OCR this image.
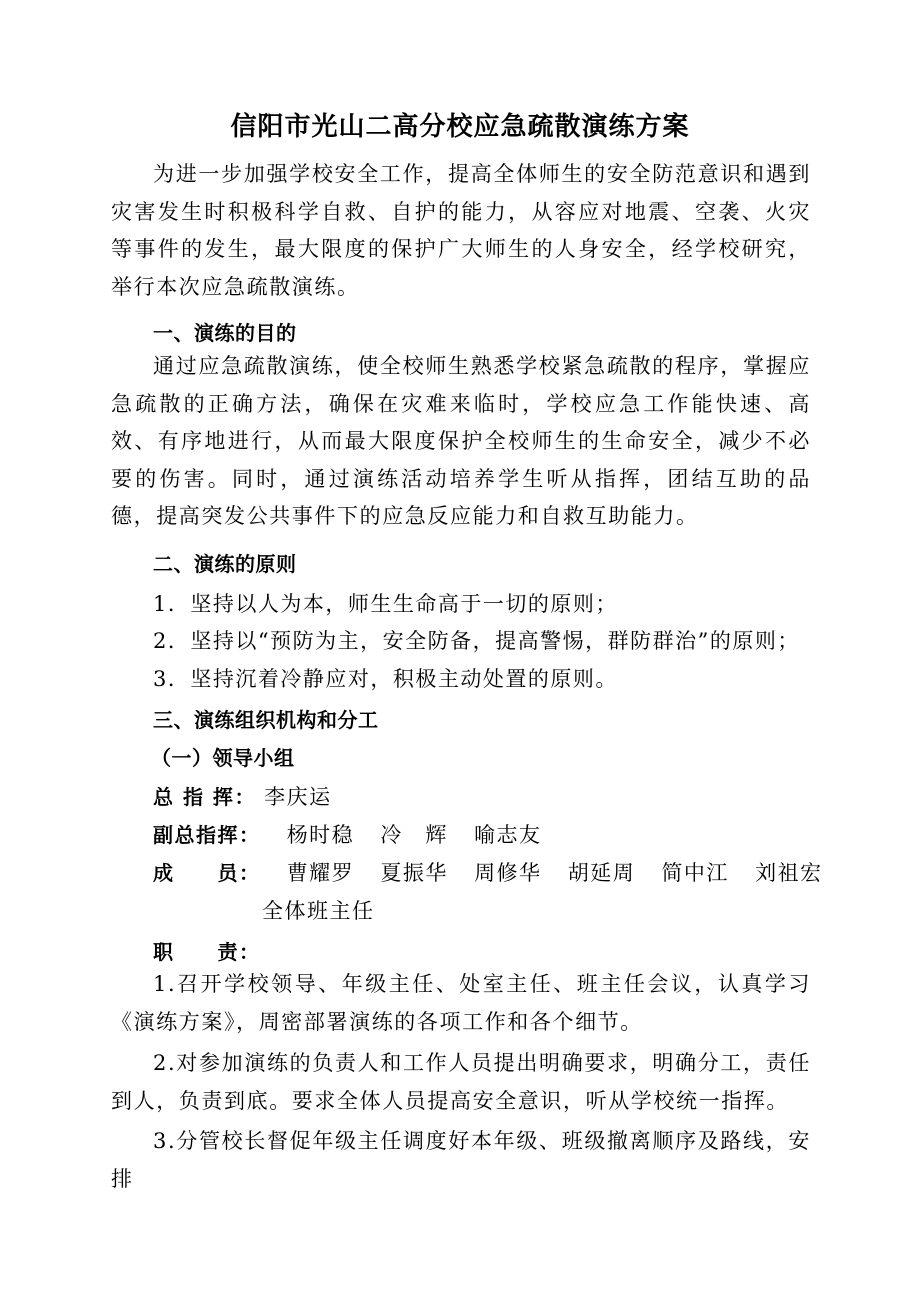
信阳市光山二高分校应急疏散演练方案

为进一步加强学校安全工作，提高全体师生的安全防范意识和遇到灾害发生时积极科学自救、自护的能力，从容应对地震、空袭、火灾等事件的发生，最大限度的保护广大师生的人身安全，经学校研究，举行本次应急疏散演练。

一、演练的目的

通过应急疏散演练，使全校师生熟悉学校紧急疏散的程序，掌握应急疏散的正确方法，确保在灾难来临时，学校应急工作能快速、高效、有序地进行，从而最大限度保护全校师生的生命安全，减少不必要的伤害。同时，通过演练活动培养学生听从指挥，团结互助的品德，提高突发公共事件下的应急反应能力和自救互助能力。

二、演练的原则

1．坚持以人为本，师生生命高于一切的原则；

2．坚持以“预防为主，安全防备，提高警惕，群防群治”的原则；

3．坚持沉着冷静应对，积极主动处置的原则。

三、演练组织机构和分工

（一）领导小组

总 指 挥： 李庆运

副总指挥： 杨时稳 冷　辉 喻志友

成　　员： 曹耀罗 夏振华 周修华 胡延周 简中江 刘祖宏

全体班主任

职　　责：

1.召开学校领导、年级主任、处室主任、班主任会议，认真学习《演练方案》，周密部署演练的各项工作和各个细节。

2.对参加演练的负责人和工作人员提出明确要求，明确分工，责任到人，负责到底。要求全体人员提高安全意识，听从学校统一指挥。

3.分管校长督促年级主任调度好本年级、班级撤离顺序及路线，安排
